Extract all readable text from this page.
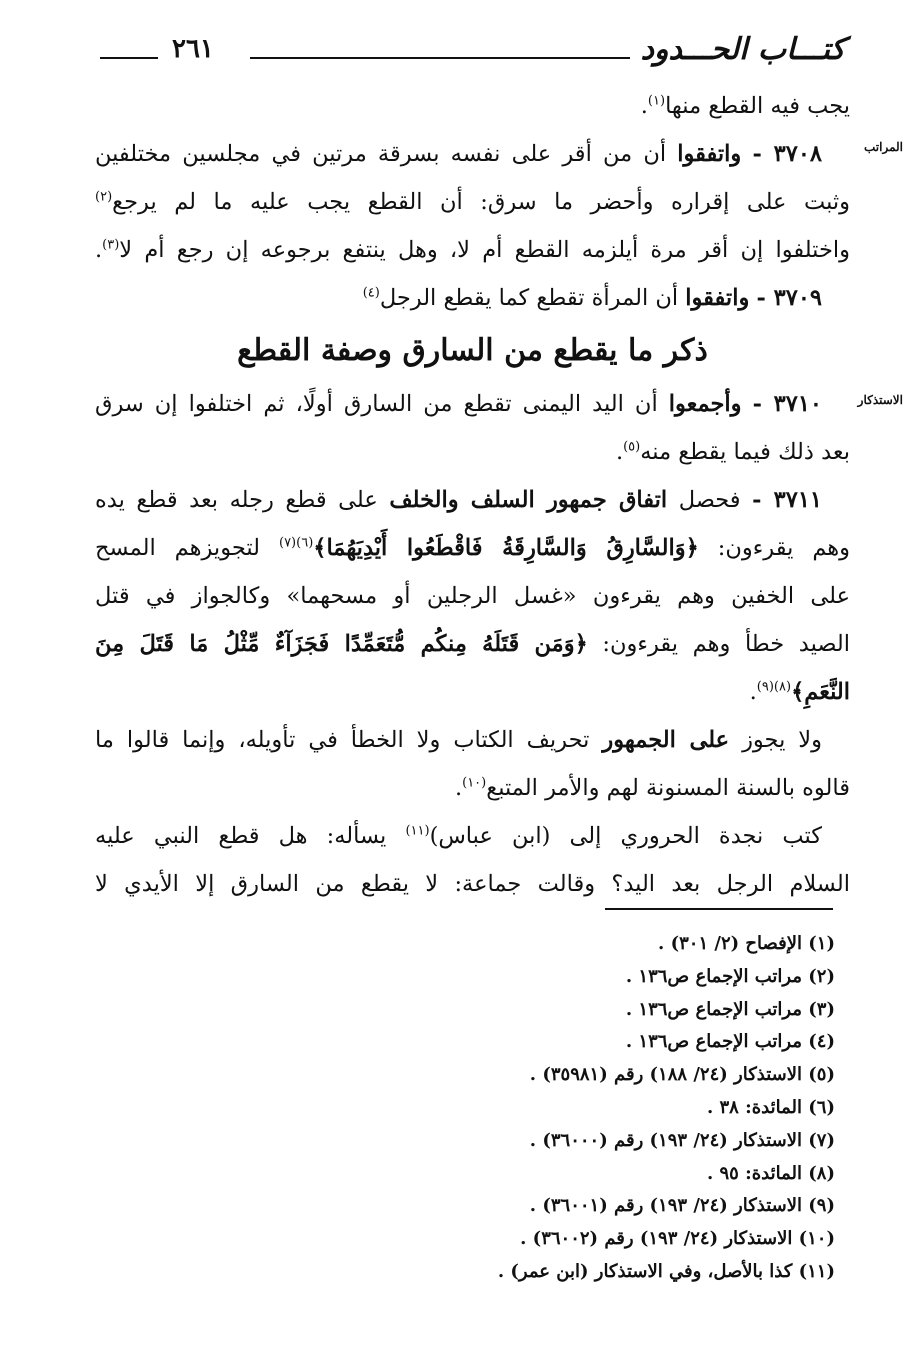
كتـــاب الحـــدود
٢٦١
المراتب
الاستذكار
يجب فيه القطع منها$^{(١)}$.
٣٧٠٨ - واتفقوا أن من أقر على نفسه بسرقة مرتين في مجلسين مختلفين
وثبت على إقراره وأحضر ما سرق: أن القطع يجب عليه ما لم يرجع$^{(٢)}$
واختلفوا إن أقر مرة أيلزمه القطع أم لا، وهل ينتفع برجوعه إن رجع أم لا$^{(٣)}$.
٣٧٠٩ - واتفقوا أن المرأة تقطع كما يقطع الرجل$^{(٤)}$
ذكر ما يقطع من السارق وصفة القطع
٣٧١٠ - وأجمعوا أن اليد اليمنى تقطع من السارق أولًا، ثم اختلفوا إن سرق
بعد ذلك فيما يقطع منه$^{(٥)}$.
٣٧١١ - فحصل اتفاق جمهور السلف والخلف على قطع رجله بعد قطع يده
وهم يقرءون: ﴿وَالسَّارِقُ وَالسَّارِقَةُ فَاقْطَعُوا أَيْدِيَهُمَا﴾$^{(٦)(٧)}$ لتجويزهم المسح
على الخفين وهم يقرءون «غسل الرجلين أو مسحهما» وكالجواز في قتل
الصيد خطأ وهم يقرءون: ﴿وَمَن قَتَلَهُ مِنكُم مُّتَعَمِّدًا فَجَزَآءٌ مِّثْلُ مَا قَتَلَ مِنَ
النَّعَمِ﴾$^{(٨)(٩)}$.
ولا يجوز على الجمهور تحريف الكتاب ولا الخطأ في تأويله، وإنما قالوا ما
قالوه بالسنة المسنونة لهم والأمر المتبع$^{(١٠)}$.
كتب نجدة الحروري إلى (ابن عباس)$^{(١١)}$ يسأله: هل قطع النبي عليه
السلام الرجل بعد اليد؟ وقالت جماعة: لا يقطع من السارق إلا الأيدي لا
(١) الإفصاح (٢/ ٣٠١) .
(٢) مراتب الإجماع ص١٣٦ .
(٣) مراتب الإجماع ص١٣٦ .
(٤) مراتب الإجماع ص١٣٦ .
(٥) الاستذكار (٢٤/ ١٨٨) رقم (٣٥٩٨١) .
(٦) المائدة: ٣٨ .
(٧) الاستذكار (٢٤/ ١٩٣) رقم (٣٦٠٠٠) .
(٨) المائدة: ٩٥ .
(٩) الاستذكار (٢٤/ ١٩٣) رقم (٣٦٠٠١) .
(١٠) الاستذكار (٢٤/ ١٩٣) رقم (٣٦٠٠٢) .
(١١) كذا بالأصل، وفي الاستذكار (ابن عمر) .
